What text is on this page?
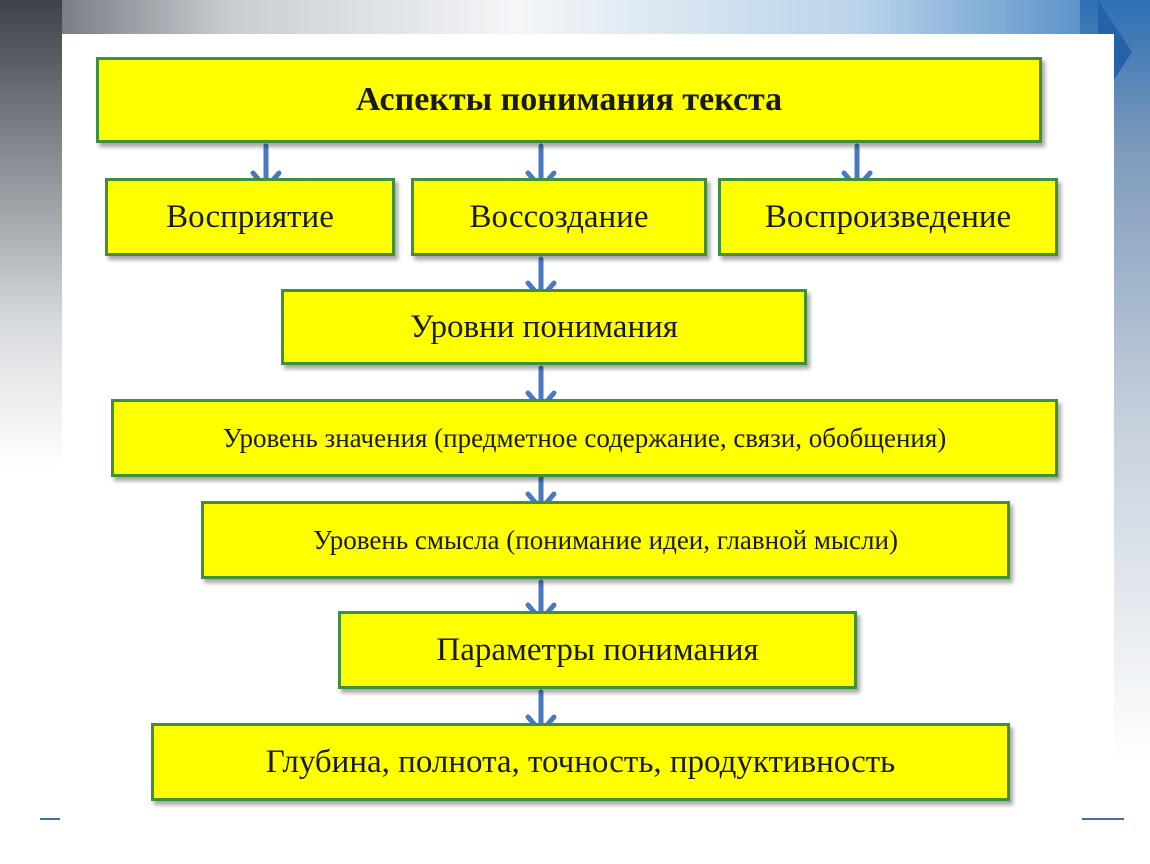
Аспекты понимания текста
Восприятие	Воссоздание	Воспроизведение
Уровни понимания
Уровень значения (предметное содержание, связи, обобщения)
Уровень смысла (понимание идеи, главной мысли)
Параметры понимания
Глубина, полнота, точность, продуктивность
